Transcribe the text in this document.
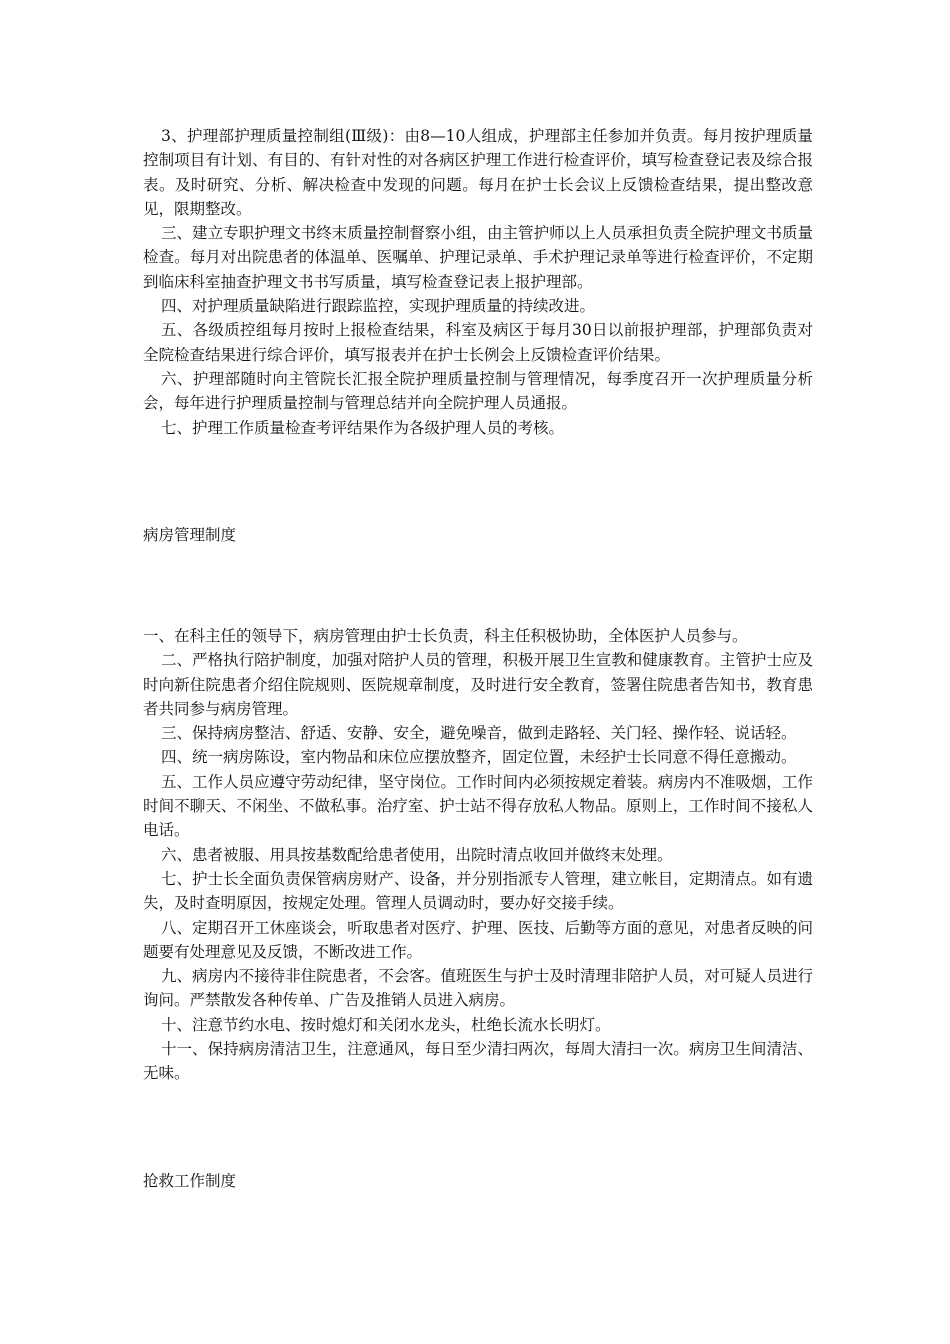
3、护理部护理质量控制组(Ⅲ级)：由8—10人组成，护理部主任参加并负责。每月按护理质量控制项目有计划、有目的、有针对性的对各病区护理工作进行检查评价，填写检查登记表及综合报表。及时研究、分析、解决检查中发现的问题。每月在护士长会议上反馈检查结果，提出整改意见，限期整改。

三、建立专职护理文书终末质量控制督察小组，由主管护师以上人员承担负责全院护理文书质量检查。每月对出院患者的体温单、医嘱单、护理记录单、手术护理记录单等进行检查评价，不定期到临床科室抽查护理文书书写质量，填写检查登记表上报护理部。

四、对护理质量缺陷进行跟踪监控，实现护理质量的持续改进。

五、各级质控组每月按时上报检查结果，科室及病区于每月30日以前报护理部，护理部负责对全院检查结果进行综合评价，填写报表并在护士长例会上反馈检查评价结果。

六、护理部随时向主管院长汇报全院护理质量控制与管理情况，每季度召开一次护理质量分析会，每年进行护理质量控制与管理总结并向全院护理人员通报。

七、护理工作质量检查考评结果作为各级护理人员的考核。

病房管理制度

一、在科主任的领导下，病房管理由护士长负责，科主任积极协助，全体医护人员参与。

二、严格执行陪护制度，加强对陪护人员的管理，积极开展卫生宣教和健康教育。主管护士应及时向新住院患者介绍住院规则、医院规章制度，及时进行安全教育，签署住院患者告知书，教育患者共同参与病房管理。

三、保持病房整洁、舒适、安静、安全，避免噪音，做到走路轻、关门轻、操作轻、说话轻。

四、统一病房陈设，室内物品和床位应摆放整齐，固定位置，未经护士长同意不得任意搬动。

五、工作人员应遵守劳动纪律，坚守岗位。工作时间内必须按规定着装。病房内不准吸烟，工作时间不聊天、不闲坐、不做私事。治疗室、护士站不得存放私人物品。原则上，工作时间不接私人电话。

六、患者被服、用具按基数配给患者使用，出院时清点收回并做终末处理。

七、护士长全面负责保管病房财产、设备，并分别指派专人管理，建立帐目，定期清点。如有遗失，及时查明原因，按规定处理。管理人员调动时，要办好交接手续。

八、定期召开工休座谈会，听取患者对医疗、护理、医技、后勤等方面的意见，对患者反映的问题要有处理意见及反馈，不断改进工作。

九、病房内不接待非住院患者，不会客。值班医生与护士及时清理非陪护人员，对可疑人员进行询问。严禁散发各种传单、广告及推销人员进入病房。

十、注意节约水电、按时熄灯和关闭水龙头，杜绝长流水长明灯。

十一、保持病房清洁卫生，注意通风，每日至少清扫两次，每周大清扫一次。病房卫生间清洁、无味。

抢救工作制度
